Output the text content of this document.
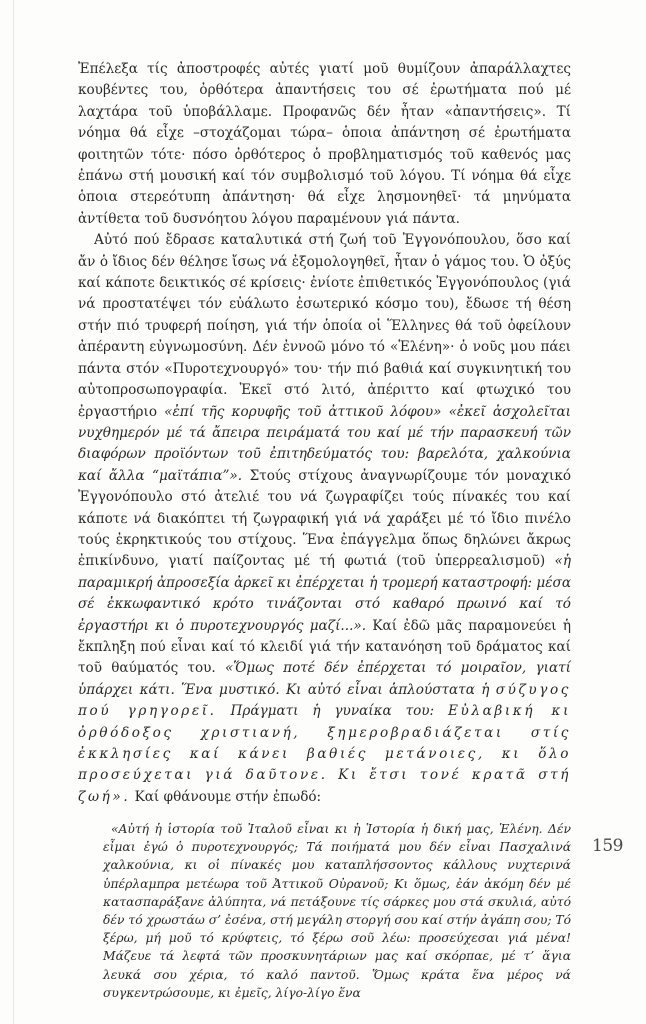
Ἐπέλεξα τίς ἀποστροφές αὐτές γιατί μοῦ θυμίζουν ἀπαράλλαχτες κουβέντες του, ὀρθότερα ἀπαντήσεις του σέ ἐρωτήματα πού μέ λαχτάρα τοῦ ὑποβάλλαμε. Προφανῶς δέν ἦταν «ἀπαντήσεις». Τί νόημα θά εἶχε –στοχάζομαι τώρα– ὁποια ἀπάντηση σέ ἐρωτήματα φοιτητῶν τότε· πόσο ὀρθότερος ὁ προβληματισμός τοῦ καθενός μας ἐπάνω στή μουσική καί τόν συμβολισμό τοῦ λόγου. Τί νόημα θά εἶχε ὁποια στερεότυπη ἀπάντηση· θά εἶχε λησμονηθεῖ· τά μηνύματα ἀντίθετα τοῦ δυσνόητου λόγου παραμένουν γιά πάντα.

Αὐτό πού ἔδρασε καταλυτικά στή ζωή τοῦ Ἐγγονόπουλου, ὅσο καί ἄν ὁ ἴδιος δέν θέλησε ἴσως νά ἐξομολογηθεῖ, ἦταν ὁ γάμος του. Ὁ ὀξύς καί κάποτε δεικτικός σέ κρίσεις· ἐνίοτε ἐπιθετικός Ἐγγονόπουλος (γιά νά προστατέψει τόν εὐάλωτο ἐσωτερικό κόσμο του), ἔδωσε τή θέση στήν πιό τρυφερή ποίηση, γιά τήν ὁποία οἱ Ἕλληνες θά τοῦ ὀφείλουν ἀπέραντη εὐγνωμοσύνη. Δέν ἐννοῶ μόνο τό «Ἑλένη»· ὁ νοῦς μου πάει πάντα στόν «Πυροτεχνουργό» του· τήν πιό βαθιά καί συγκινητική του αὐτοπροσωπογραφία. Ἐκεῖ στό λιτό, ἀπέριττο καί φτωχικό του ἐργαστήριο «ἐπί τῆς κορυφῆς τοῦ ἀττικοῦ λόφου» «ἐκεῖ ἀσχολεῖται νυχθημερόν μέ τά ἄπειρα πειράματά του καί μέ τήν παρασκευή τῶν διαφόρων προϊόντων τοῦ ἐπιτηδεύματός του: βαρελότα, χαλκούνια καί ἄλλα “μαϊτάπια”». Στούς στίχους ἀναγνωρίζουμε τόν μοναχικό Ἐγγονόπουλο στό ἀτελιέ του νά ζωγραφίζει τούς πίνακές του καί κάποτε νά διακόπτει τή ζωγραφική γιά νά χαράξει μέ τό ἴδιο πινέλο τούς ἐκρηκτικούς του στίχους. Ἕνα ἐπάγγελμα ὅπως δηλώνει ἄκρως ἐπικίνδυνο, γιατί παίζοντας μέ τή φωτιά (τοῦ ὑπερρεαλισμοῦ) «ἡ παραμικρή ἀπροσεξία ἀρκεῖ κι ἐπέρχεται ἡ τρομερή καταστροφή: μέσα σέ ἐκκωφαντικό κρότο τινάζονται στό καθαρό πρωινό καί τό ἐργαστήρι κι ὁ πυροτεχνουργός μαζί...». Καί ἐδῶ μᾶς παραμονεύει ἡ ἔκπληξη πού εἶναι καί τό κλειδί γιά τήν κατανόηση τοῦ δράματος καί τοῦ θαύματός του. «Ὅμως ποτέ δέν ἐπέρχεται τό μοιραῖον, γιατί ὑπάρχει κάτι. Ἕνα μυστικό. Κι αὐτό εἶναι ἁπλούστατα ἡ σύζυγος πού γρηγορεῖ. Πράγματι ἡ γυναίκα του: Εὐλαβική κι ὀρθόδοξος χριστιανή, ξημεροβραδιάζεται στίς ἐκκλησίες καί κάνει βαθιές μετάνοιες, κι ὅλο προσεύχεται γιά δαῦτονε. Κι ἔτσι τονέ κρατᾶ στή ζωή». Καί φθάνουμε στήν ἐπωδό:

«Αὐτή ἡ ἱστορία τοῦ Ἰταλοῦ εἶναι κι ἡ Ἱστορία ἡ δική μας, Ἑλένη. Δέν εἶμαι ἐγώ ὁ πυροτεχνουργός; Τά ποιήματά μου δέν εἶναι Πασχαλινά χαλκούνια, κι οἱ πίνακές μου καταπλήσσοντος κάλλους νυχτερινά ὑπέρλαμπρα μετέωρα τοῦ Ἀττικοῦ Οὐρανοῦ; Κι ὅμως, ἐάν ἀκόμη δέν μέ κατασπαράξανε ἀλύπητα, νά πετάξουνε τίς σάρκες μου στά σκυλιά, αὐτό δέν τό χρωστάω σ’ ἐσένα, στή μεγάλη στοργή σου καί στήν ἀγάπη σου; Τό ξέρω, μή μοῦ τό κρύφτεις, τό ξέρω σοῦ λέω: προσεύχεσαι γιά μένα! Μάζευε τά λεφτά τῶν προσκυνητάριων μας καί σκόρπαε, μέ τ’ ἅγια λευκά σου χέρια, τό καλό παντοῦ. Ὅμως κράτα ἕνα μέρος νά συγκεντρώσουμε, κι ἐμεῖς, λίγο-λίγο ἕνα
159
